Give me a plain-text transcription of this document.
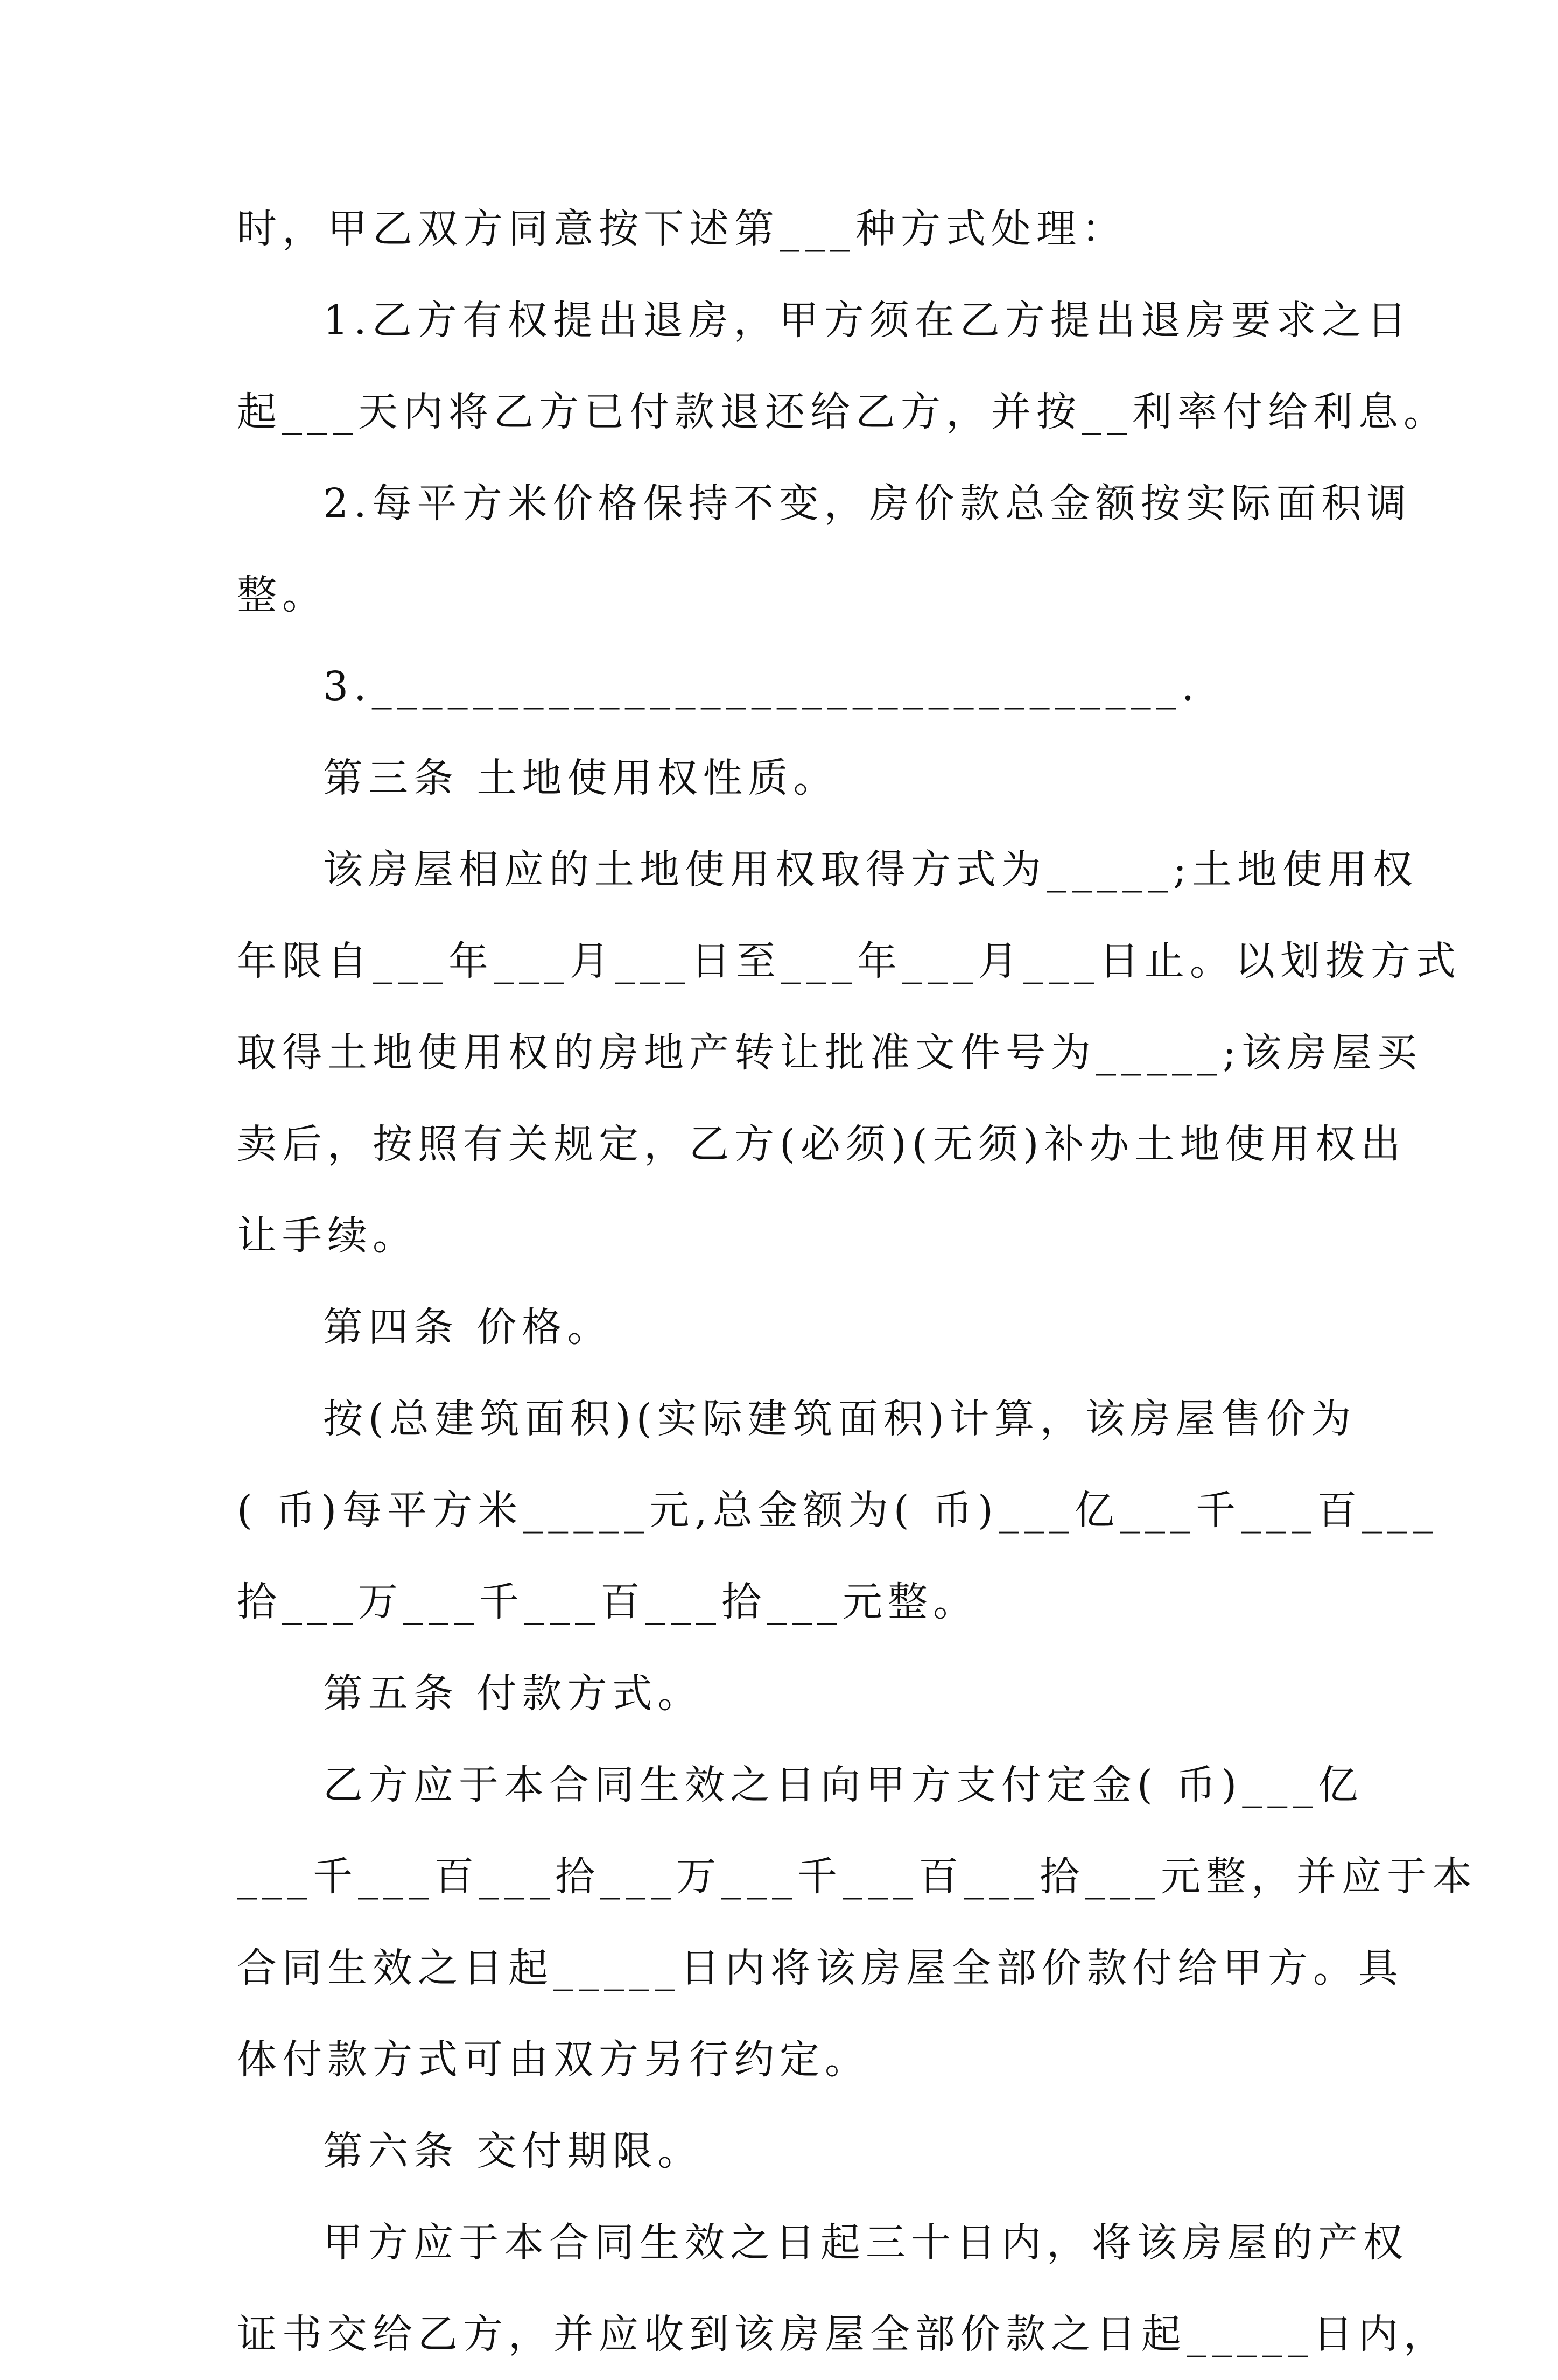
时，甲乙双方同意按下述第___种方式处理：

1.乙方有权提出退房，甲方须在乙方提出退房要求之日

起___天内将乙方已付款退还给乙方，并按__利率付给利息。

2.每平方米价格保持不变，房价款总金额按实际面积调

整。

3.________________________________.

第三条 土地使用权性质。

该房屋相应的土地使用权取得方式为_____;土地使用权

年限自___年___月___日至___年___月___日止。以划拨方式

取得土地使用权的房地产转让批准文件号为_____;该房屋买

卖后，按照有关规定，乙方(必须)(无须)补办土地使用权出

让手续。

第四条 价格。

按(总建筑面积)(实际建筑面积)计算，该房屋售价为

( 币)每平方米_____元,总金额为( 币)___亿___千___百___

拾___万___千___百___拾___元整。

第五条 付款方式。

乙方应于本合同生效之日向甲方支付定金( 币)___亿

___千___百___拾___万___千___百___拾___元整，并应于本

合同生效之日起_____日内将该房屋全部价款付给甲方。具

体付款方式可由双方另行约定。

第六条 交付期限。

甲方应于本合同生效之日起三十日内，将该房屋的产权

证书交给乙方，并应收到该房屋全部价款之日起_____日内，
